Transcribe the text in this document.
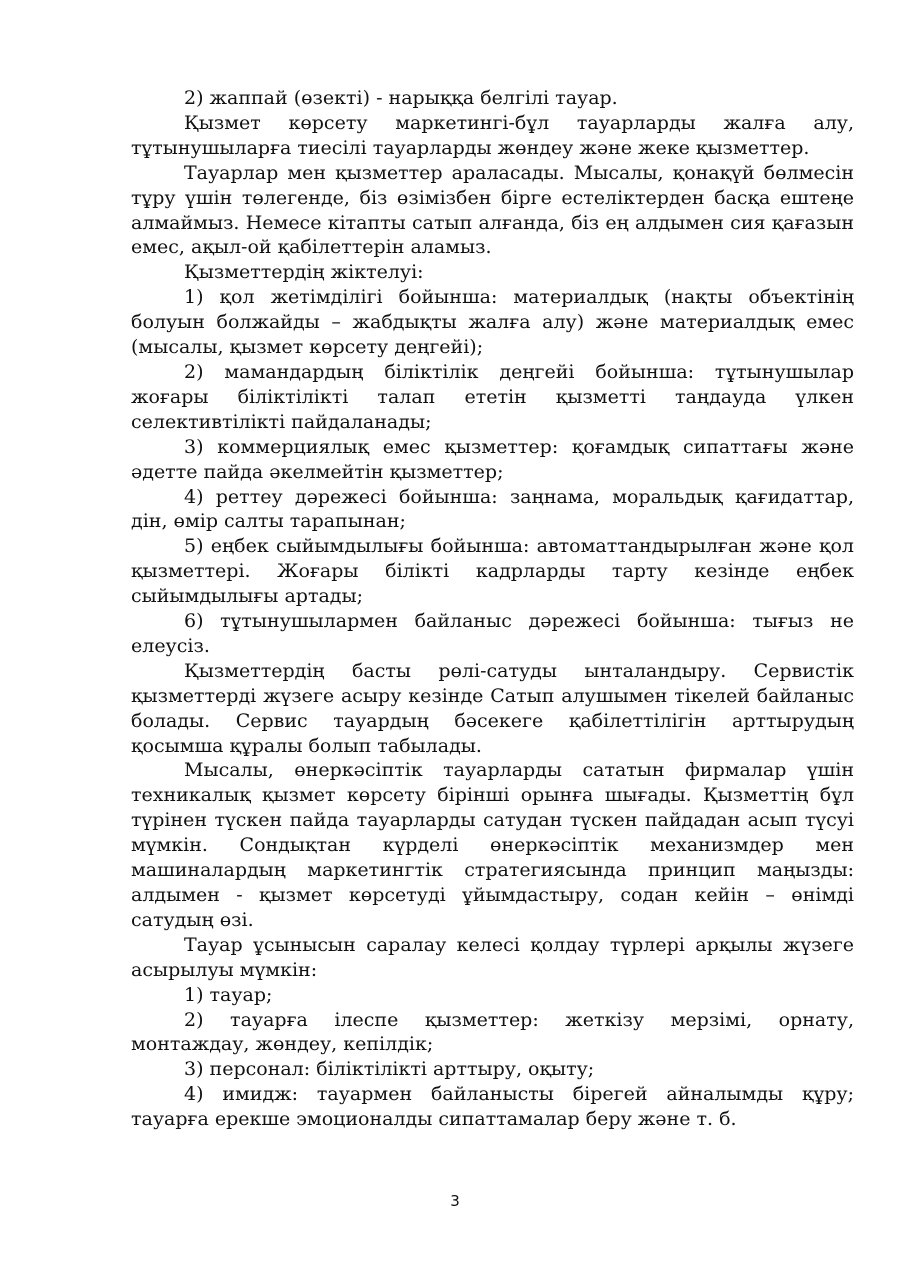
2) жаппай (өзекті) - нарыққа белгілі тауар.

Қызмет көрсету маркетингі-бұл тауарларды жалға алу, тұтынушыларға тиесілі тауарларды жөндеу және жеке қызметтер.

Тауарлар мен қызметтер араласады. Мысалы, қонақүй бөлмесін тұру үшін төлегенде, біз өзімізбен бірге естеліктерден басқа ештеңе алмаймыз. Немесе кітапты сатып алғанда, біз ең алдымен сия қағазын емес, ақыл-ой қабілеттерін аламыз.

Қызметтердің жіктелуі:

1) қол жетімділігі бойынша: материалдық (нақты объектінің болуын болжайды – жабдықты жалға алу) және материалдық емес (мысалы, қызмет көрсету деңгейі);

2) мамандардың біліктілік деңгейі бойынша: тұтынушылар жоғары біліктілікті талап ететін қызметті таңдауда үлкен селективтілікті пайдаланады;

3) коммерциялық емес қызметтер: қоғамдық сипаттағы және әдетте пайда әкелмейтін қызметтер;

4) реттеу дәрежесі бойынша: заңнама, моральдық қағидаттар, дін, өмір салты тарапынан;

5) еңбек сыйымдылығы бойынша: автоматтандырылған және қол қызметтері. Жоғары білікті кадрларды тарту кезінде еңбек сыйымдылығы артады;

6) тұтынушылармен байланыс дәрежесі бойынша: тығыз не елеусіз.

Қызметтердің басты рөлі-сатуды ынталандыру. Сервистік қызметтерді жүзеге асыру кезінде Сатып алушымен тікелей байланыс болады. Сервис тауардың бәсекеге қабілеттілігін арттырудың қосымша құралы болып табылады.

Мысалы, өнеркәсіптік тауарларды сататын фирмалар үшін техникалық қызмет көрсету бірінші орынға шығады. Қызметтің бұл түрінен түскен пайда тауарларды сатудан түскен пайдадан асып түсуі мүмкін. Сондықтан күрделі өнеркәсіптік механизмдер мен машиналардың маркетингтік стратегиясында принцип маңызды: алдымен - қызмет көрсетуді ұйымдастыру, содан кейін – өнімді сатудың өзі.

Тауар ұсынысын саралау келесі қолдау түрлері арқылы жүзеге асырылуы мүмкін:

1) тауар;

2) тауарға ілеспе қызметтер: жеткізу мерзімі, орнату, монтаждау, жөндеу, кепілдік;

3) персонал: біліктілікті арттыру, оқыту;

4) имидж: тауармен байланысты бірегей айналымды құру; тауарға ерекше эмоционалды сипаттамалар беру және т. б.

3
